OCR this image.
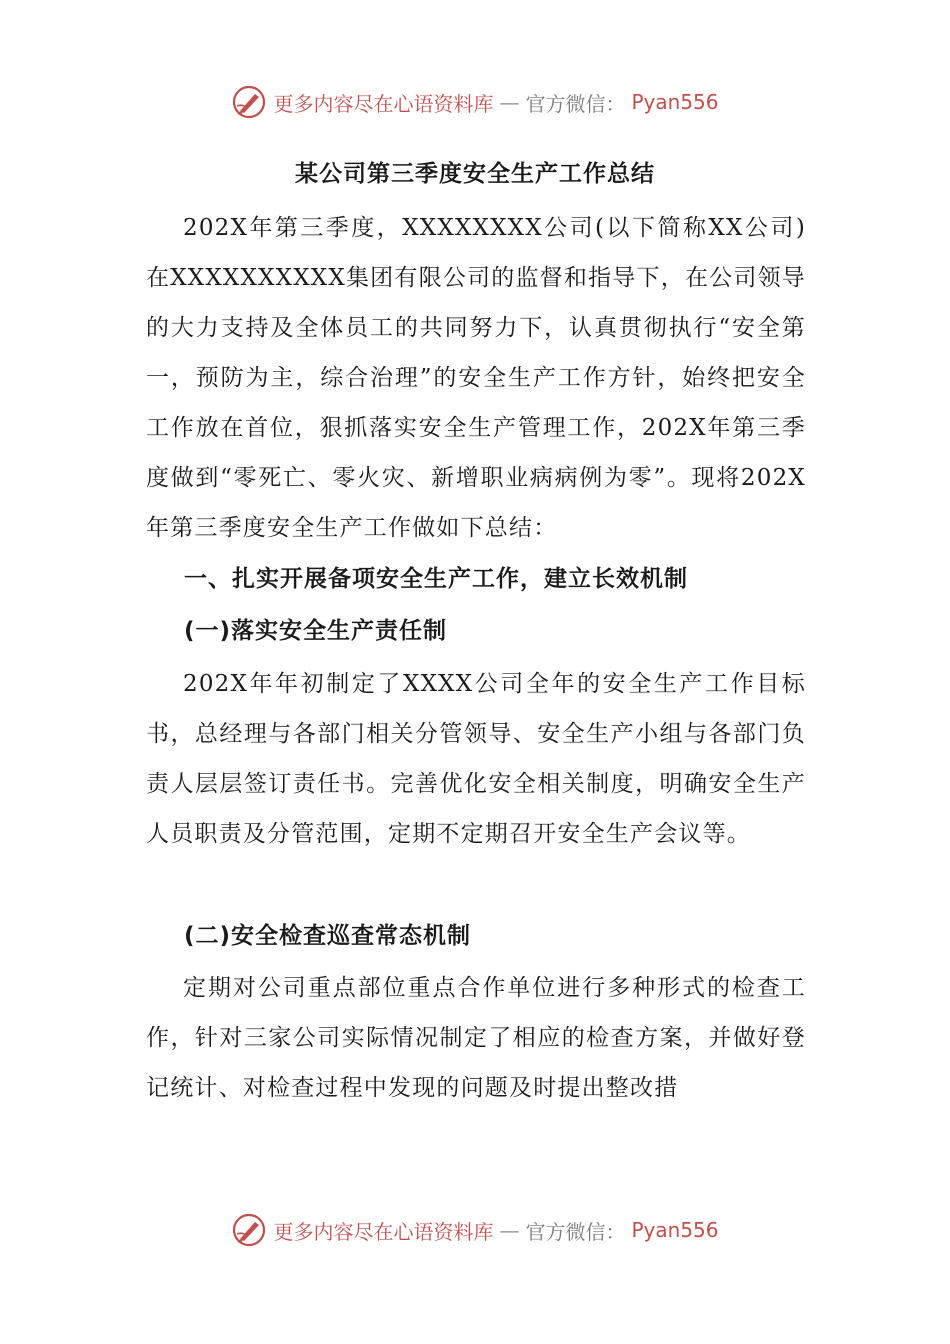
更多内容尽在心语资料库 — 官方微信： Pyan556
某公司第三季度安全生产工作总结

202X年第三季度，XXXXXXXX公司(以下简称XX公司)在XXXXXXXXXX集团有限公司的监督和指导下，在公司领导的大力支持及全体员工的共同努力下，认真贯彻执行“安全第一，预防为主，综合治理”的安全生产工作方针，始终把安全工作放在首位，狠抓落实安全生产管理工作，202X年第三季度做到“零死亡、零火灾、新增职业病病例为零”。现将202X年第三季度安全生产工作做如下总结：

一、扎实开展备项安全生产工作，建立长效机制
(一)落实安全生产责任制

202X年年初制定了XXXX公司全年的安全生产工作目标书，总经理与各部门相关分管领导、安全生产小组与各部门负责人层层签订责任书。完善优化安全相关制度，明确安全生产人员职责及分管范围，定期不定期召开安全生产会议等。

(二)安全检查巡查常态机制

定期对公司重点部位重点合作单位进行多种形式的检查工作，针对三家公司实际情况制定了相应的检查方案，并做好登记统计、对检查过程中发现的问题及时提出整改措

更多内容尽在心语资料库 — 官方微信： Pyan556
